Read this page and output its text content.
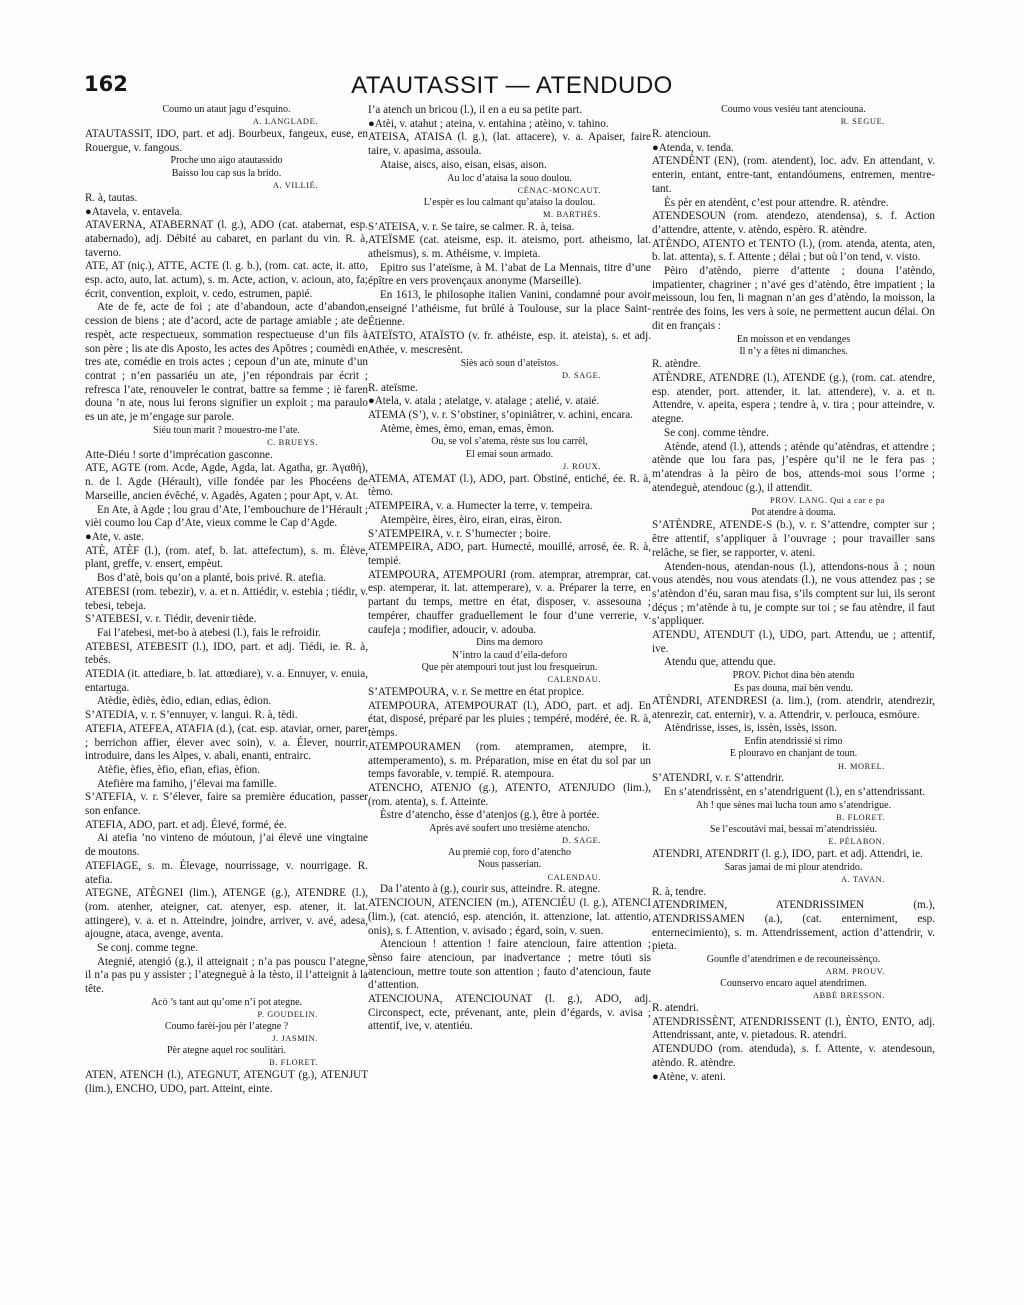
162	ATAUTASSIT — ATENDUDO

Coumo un ataut jagu d’esquino.

A. LANGLADE.

ATAUTASSIT, IDO, part. et adj. Bourbeux, fangeux, euse, en Rouergue, v. fangous.

Proche uno aigo atautassido

Baisso lou cap sus la brido.

A. VILLIÉ.

R. à, tautas.

●Atavela, v. entavela.

ATAVERNA, ATABERNAT (l. g.), ADO (cat. atabernat, esp. atabernado), adj. Débité au cabaret, en parlant du vin. R. à, taverno.

ATE, AT (niç.), ATTE, ACTE (l. g. b.), (rom. cat. acte, it. atto, esp. acto, auto, lat. actum), s. m. Acte, action, v. acioun, ato, fa; écrit, convention, exploit, v. cedo, estrumen, papié.

Ate de fe, acte de foi ; ate d’abandoun, acte d’abandon, cession de biens ; ate d’acord, acte de partage amiable ; ate de respèt, acte respectueux, sommation respectueuse d’un fils à son père ; lis ate dis Aposto, les actes des Apôtres ; coumèdi en tres ate, comédie en trois actes ; cepoun d’un ate, minute d’un contrat ; n’en passariéu un ate, j’en répondrais par écrit ; refresca l’ate, renouveler le contrat, battre sa femme ; iè faren douna ’n ate, nous lui ferons signifier un exploit ; ma paraulo es un ate, je m’engage sur parole.

Siéu toun marit ? mouestro-me l’ate.

C. BRUEYS.

Atte-Diéu ! sorte d’imprécation gasconne.

ATE, AGTE (rom. Acde, Agde, Agda, lat. Agatha, gr. Ἀγαθή), n. de l. Agde (Hérault), ville fondée par les Phocéens de Marseille, ancien évêché, v. Agadès, Agaten ; pour Apt, v. At.

En Ate, à Agde ; lou grau d’Ate, l’embouchure de l’Hérault ; vièi coumo lou Cap d’Ate, vieux comme le Cap d’Agde.

●Ate, v. aste.

ATÈ, ATÈF (l.), (rom. atef, b. lat. attefectum), s. m. Élève, plant, greffe, v. ensert, empèut.

Bos d’atè, bois qu’on a planté, bois privé. R. atefia.

ATEBESI (rom. tebezir), v. a. et n. Attiédir, v. estebia ; tiédir, v. tebesi, tebeja.

S’ATEBESI, v. r. Tiédir, devenir tiède.

Fai l’atebesi, met-bo à atebesi (l.), fais le refroidir.

ATEBESI, ATEBESIT (l.), IDO, part. et adj. Tiédi, ie. R. à, tebés.

ATEDIA (it. attediare, b. lat. attœdiare), v. a. Ennuyer, v. enuia, entartuga.

Atèdie, èdiès, èdio, edian, edias, èdion.

S’ATEDIA, v. r. S’ennuyer, v. langui. R. à, tèdi.

ATEFIA, ATEFEA, ATAFIA (d.), (cat. esp. ataviar, orner, parer ; berrichon affier, élever avec soin), v. a. Élever, nourrir, introduire, dans les Alpes, v. abali, enanti, entrairc.

Atèfie, èfies, èfio, efian, efias, èfion.

Atefière ma famiho, j’élevai ma famille.

S’ATEFIA, v. r. S’élever, faire sa première éducation, passer son enfance.

ATEFIA, ADO, part. et adj. Élevé, formé, ée.

Ai atefia ’no vinteno de móutoun, j’ai élevé une vingtaine de moutons.

ATEFIAGE, s. m. Élevage, nourrissage, v. nourrigage. R. atefia.

ATEGNE, ATÈGNEI (lim.), ATENGE (g.), ATENDRE (l.), (rom. atenher, ateigner, cat. atenyer, esp. atener, it. lat. attingere), v. a. et n. Atteindre, joindre, arriver, v. avé, adesa, ajougne, ataca, avenge, aventa.

Se conj. comme tegne.

Ategnié, atengió (g.), il atteignait ; n’a pas pouscu l’ategne, il n’a pas pu y assister ; l’ategneguè à la tèsto, il l’atteignit à la tête.

Acò ’s tant aut qu’ome n’i pot ategne.

P. GOUDELIN.

Coumo farèi-jou pèr l’ategne ?

J. JASMIN.

Pèr ategne aquel roc soulitàri.

B. FLORET.

ATEN, ATENCH (l.), ATEGNUT, ATENGUT (g.), ATENJUT (lim.), ENCHO, UDO, part. Atteint, einte.

I’a atench un bricou (l.), il en a eu sa petite part.

●Atèi, v. atahut ; ateina, v. entahina ; atèino, v. tahino.

ATEISA, ATAISA (l. g.), (lat. attacere), v. a. Apaiser, faire taire, v. apasima, assoula.

Ataise, aiscs, aiso, eisan, eisas, aison.

Au loc d’ataisa la souo doulou.

CÉNAC-MONCAUT.

L’espèr es lou calmant qu’ataiso la doulou.

M. BARTHÉS.

S’ATEISA, v. r. Se taire, se calmer. R. à, teisa.

ATEÏSME (cat. ateisme, esp. it. ateismo, port. atheismo, lat. atheismus), s. m. Athéisme, v. impieta.

Epitro sus l’ateïsme, à M. l’abat de La Mennais, titre d’une épître en vers provençaux anonyme (Marseille).

En 1613, le philosophe italien Vanini, condamné pour avoir enseigné l’athéisme, fut brûlé à Toulouse, sur la place Saint-Étienne.

ATEÏSTO, ATAÏSTO (v. fr. athéiste, esp. it. ateista), s. et adj. Athée, v. mescresènt.

Siès acò soun d’ateïstos.

D. SAGE.

R. ateïsme.

●Atela, v. atala ; atelatge, v. atalage ; atelié, v. ataié.

ATEMA (S’), v. r. S’obstiner, s’opiniâtrer, v. achini, encara.

Atème, èmes, èmo, eman, emas, èmon.

Ou, se vol s’atema, rèste sus lou carrèl,

El emai soun armado.

J. ROUX.

ATEMA, ATEMAT (l.), ADO, part. Obstiné, entiché, ée. R. à, tèmo.

ATEMPEIRA, v. a. Humecter la terre, v. tempeira.

Atempèire, èires, èiro, eiran, eiras, èiron.

S’ATEMPEIRA, v. r. S’humecter ; boire.

ATEMPEIRA, ADO, part. Humecté, mouillé, arrosé, ée. R. à, tempié.

ATEMPOURA, ATEMPOURI (rom. atemprar, atremprar, cat. esp. atemperar, it. lat. attemperare), v. a. Préparer la terre, en partant du temps, mettre en état, disposer, v. assesouna ; tempérer, chauffer graduellement le four d’une verrerie, v. caufeja ; modifier, adoucir, v. adouba.

Dins ma demoro

N’intro la caud d’eila-deforo

Que pèr atempouri tout just lou fresqueirun.

CALENDAU.

S’ATEMPOURA, v. r. Se mettre en état propice.

ATEMPOURA, ATEMPOURAT (l.), ADO, part. et adj. En état, disposé, préparé par les pluies ; tempéré, modéré, ée. R. à, tèmps.

ATEMPOURAMEN (rom. atempramen, atempre, it. attemperamento), s. m. Préparation, mise en état du sol par un temps favorable, v. tempié. R. atempoura.

ATENCHO, ATENJO (g.), ATENTO, ATENJUDO (lim.), (rom. atenta), s. f. Atteinte.

Èstre d’atencho, èsse d’atenjos (g.), être à portée.

Après avé soufert uno tresième atencho.

D. SAGE.

Au premié cop, foro d’atencho

Nous passerian.

CALENDAU.

Da l’atento à (g.), courir sus, atteindre. R. ategne.

ATENCIOUN, ATENCIEN (m.), ATENCIÉU (l. g.), ATENCI (lim.), (cat. atenció, esp. atención, it. attenzione, lat. attentio, onis), s. f. Attention, v. avisado ; égard, soin, v. suen.

Atencioun ! attention ! faire atencioun, faire attention ; sènso faire atencioun, par inadvertance ; metre tóuti sis atencioun, mettre toute son attention ; fauto d’atencioun, faute d’attention.

ATENCIOUNA, ATENCIOUNAT (l. g.), ADO, adj. Circonspect, ecte, prévenant, ante, plein d’égards, v. avisa ; attentif, ive, v. atentiéu.

Coumo vous vesiéu tant atenciouna.

R. SEGUE.

R. atencioun.

●Atenda, v. tenda.

ATENDÈNT (EN), (rom. atendent), loc. adv. En attendant, v. enterin, entant, entre-tant, entandóumens, entremen, mentre-tant.

Ès pèr en atendènt, c’est pour attendre. R. atèndre.

ATENDESOUN (rom. atendezo, atendensa), s. f. Action d’attendre, attente, v. atèndo, espèro. R. atèndre.

ATÈNDO, ATENTO et TENTO (l.), (rom. atenda, atenta, aten, b. lat. attenta), s. f. Attente ; délai ; but où l’on tend, v. visto.

Pèiro d’atèndo, pierre d’attente ; douna l’atèndo, impatienter, chagriner ; n’avé ges d’atèndo, être impatient ; la meissoun, lou fen, li magnan n’an ges d’atèndo, la moisson, la rentrée des foins, les vers à soie, ne permettent aucun délai. On dit en français :

En moisson et en vendanges

Il n’y a fêtes ni dimanches.

R. atèndre.

ATÈNDRE, ATENDRE (l.), ATENDE (g.), (rom. cat. atendre, esp. atender, port. attender, it. lat. attendere), v. a. et n. Attendre, v. apeita, espera ; tendre à, v. tira ; pour atteindre, v. ategne.

Se conj. comme tèndre.

Atènde, atend (l.), attends ; atènde qu’atèndras, et attendre ; atènde que lou fara pas, j’espère qu’il ne le fera pas ; m’atendras à la pèiro de bos, attends-moi sous l’orme ; atendeguè, atendouc (g.), il attendit.

PROV. LANG. Qui a car e pa

Pot atendre à douma.

S’ATÈNDRE, ATENDE-S (b.), v. r. S’attendre, compter sur ; être attentif, s’appliquer à l’ouvrage ; pour travailler sans relâche, se fier, se rapporter, v. ateni.

Atenden-nous, atendan-nous (l.), attendons-nous à ; noun vous atendès, nou vous atendats (l.), ne vous attendez pas ; se s’atèndon d’éu, saran mau fisa, s’ils comptent sur lui, ils seront déçus ; m’atènde à tu, je compte sur toi ; se fau atèndre, il faut s’appliquer.

ATENDU, ATENDUT (l.), UDO, part. Attendu, ue ; attentif, ive.

Atendu que, attendu que.

PROV. Pichot dina bèn atendu

Es pas douna, mai bèn vendu.

ATÈNDRI, ATENDRESI (a. lim.), (rom. atendrir, atendrezir, atenrezir, cat. enternir), v. a. Attendrir, v. perlouca, esmóure.

Atèndrisse, isses, is, issèn, issès, isson.

Enfin atendrissié si rimo

E plouravo en chanjant de toun.

H. MOREL.

S’ATENDRI, v. r. S’attendrir.

En s’atendrissènt, en s’atendriguent (l.), en s’attendrissant.

Ah ! que sènes mai lucha toun amo s’atendrigue.

B. FLORET.

Se l’escoutàvi mai, bessai m’atendrissiéu.

E. PÉLABON.

ATENDRI, ATENDRIT (l. g.), IDO, part. et adj. Attendri, ie.

Saras jamai de mi plour atendrido.

A. TAVAN.

R. à, tendre.

ATENDRIMEN, ATENDRISSIMEN (m.), ATENDRISSAMEN (a.), (cat. enterniment, esp. enternecimiento), s. m. Attendrissement, action d’attendrir, v. pieta.

Gounfle d’atendrimen e de recouneissènço.

ARM. PROUV.

Counservo encaro aquel atendrimen.

ABBÉ BRESSON.

R. atendri.

ATENDRISSÈNT, ATENDRISSENT (l.), ÈNTO, ENTO, adj. Attendrissant, ante, v. pietadous. R. atendri.

ATENDUDO (rom. atenduda), s. f. Attente, v. atendesoun, atèndo. R. atèndre.

●Atène, v. ateni.
